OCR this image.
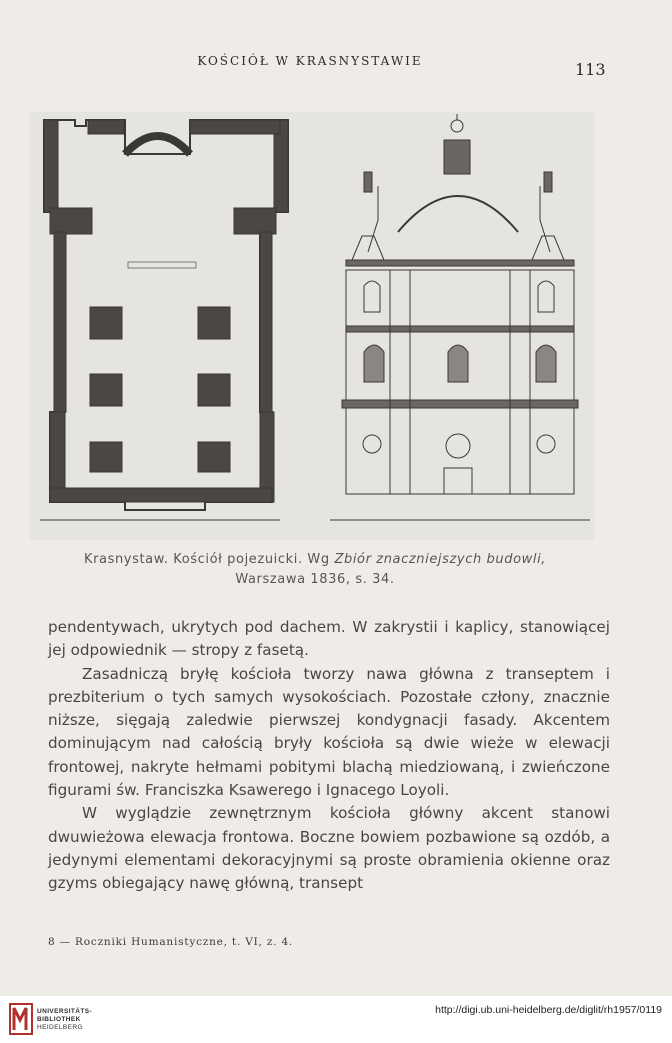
KOŚCIÓŁ W KRASNYSTAWIE	113
Krasnystaw. Kościół pojezuicki. Wg Zbiór znaczniejszych budowli,
Warszawa 1836, s. 34.

pendentywach, ukrytych pod dachem. W zakrystii i kaplicy, stanowiącej jej odpowiednik — stropy z fasetą.

Zasadniczą bryłę kościoła tworzy nawa główna z transeptem i prezbiterium o tych samych wysokościach. Pozostałe człony, znacznie niższe, sięgają zaledwie pierwszej kondygnacji fasady. Akcentem dominującym nad całością bryły kościoła są dwie wieże w elewacji frontowej, nakryte hełmami pobitymi blachą miedziowaną, i zwieńczone figurami św. Franciszka Ksawerego i Ignacego Loyoli.

W wyglądzie zewnętrznym kościoła główny akcent stanowi dwuwieżowa elewacja frontowa. Boczne bowiem pozbawione są ozdób, a jedynymi elementami dekoracyjnymi są proste obramienia okienne oraz gzyms obiegający nawę główną, transept

8 — Roczniki Humanistyczne, t. VI, z. 4.
UNIVERSITÄTS-
BIBLIOTHEK
HEIDELBERG
http://digi.ub.uni-heidelberg.de/diglit/rh1957/0119
